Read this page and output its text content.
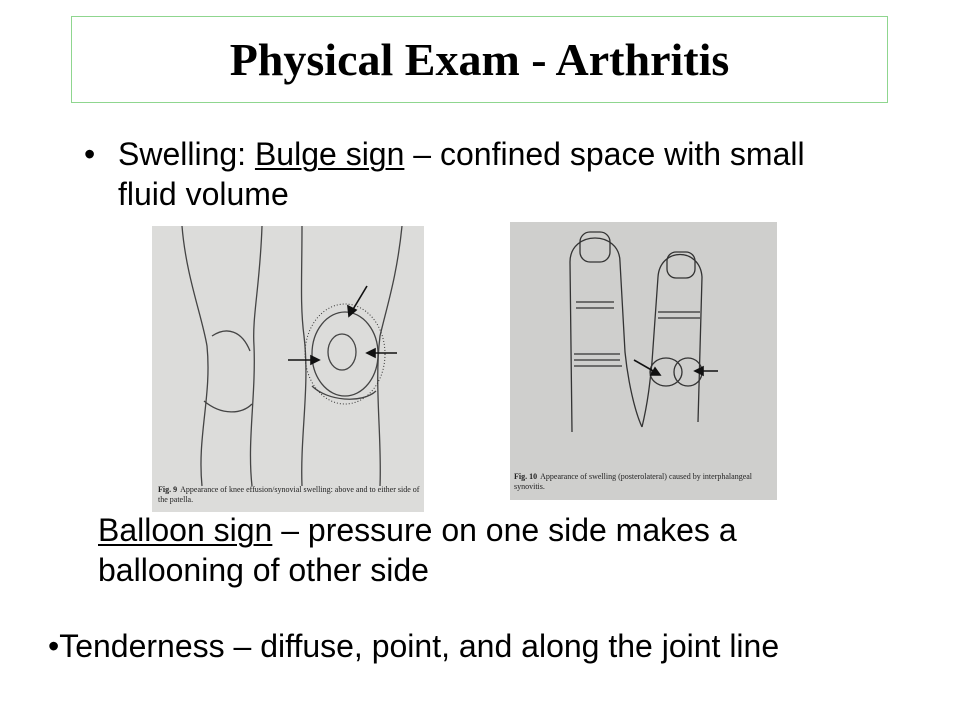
Physical Exam - Arthritis
• Swelling: Bulge sign – confined space with small fluid volume
Fig. 9 Appearance of knee effusion/synovial swelling: above and to either side of the patella.
Fig. 10 Appearance of swelling (posterolateral) caused by interphalangeal synovitis.
Balloon sign – pressure on one side makes a ballooning of other side
•Tenderness – diffuse, point, and along the joint line
